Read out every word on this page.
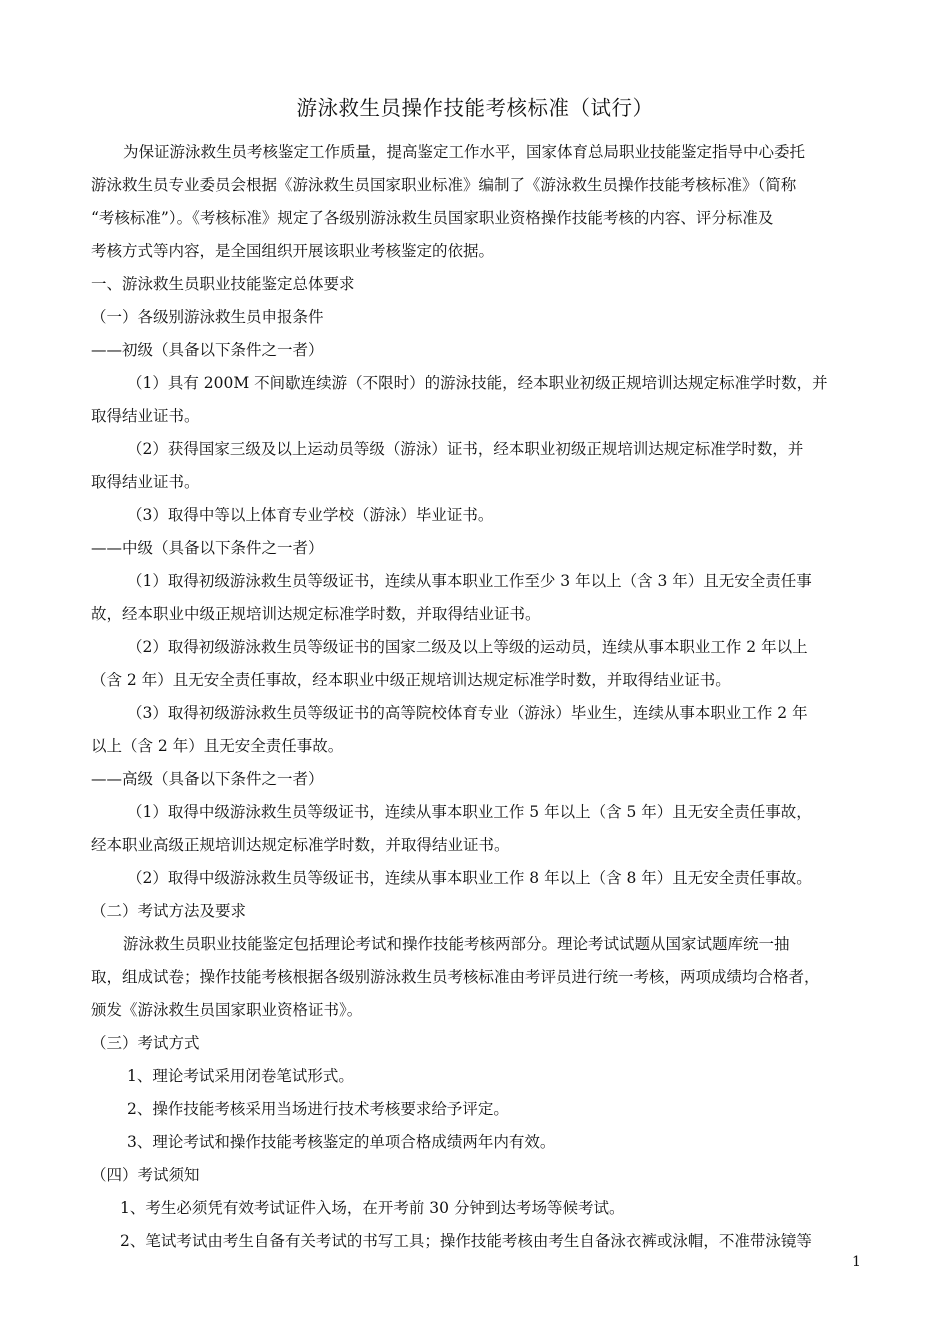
游泳救生员操作技能考核标准（试行）
为保证游泳救生员考核鉴定工作质量，提高鉴定工作水平，国家体育总局职业技能鉴定指导中心委托
游泳救生员专业委员会根据《游泳救生员国家职业标准》编制了《游泳救生员操作技能考核标准》（简称
“考核标准”）。《考核标准》规定了各级别游泳救生员国家职业资格操作技能考核的内容、评分标准及
考核方式等内容，是全国组织开展该职业考核鉴定的依据。
一、游泳救生员职业技能鉴定总体要求
（一）各级别游泳救生员申报条件
——初级（具备以下条件之一者）
（1）具有 200M 不间歇连续游（不限时）的游泳技能，经本职业初级正规培训达规定标准学时数，并
取得结业证书。
（2）获得国家三级及以上运动员等级（游泳）证书，经本职业初级正规培训达规定标准学时数，并
取得结业证书。
（3）取得中等以上体育专业学校（游泳）毕业证书。
——中级（具备以下条件之一者）
（1）取得初级游泳救生员等级证书，连续从事本职业工作至少 3 年以上（含 3 年）且无安全责任事
故，经本职业中级正规培训达规定标准学时数，并取得结业证书。
（2）取得初级游泳救生员等级证书的国家二级及以上等级的运动员，连续从事本职业工作 2 年以上
（含 2 年）且无安全责任事故，经本职业中级正规培训达规定标准学时数，并取得结业证书。
（3）取得初级游泳救生员等级证书的高等院校体育专业（游泳）毕业生，连续从事本职业工作 2 年
以上（含 2 年）且无安全责任事故。
——高级（具备以下条件之一者）
（1）取得中级游泳救生员等级证书，连续从事本职业工作 5 年以上（含 5 年）且无安全责任事故，
经本职业高级正规培训达规定标准学时数，并取得结业证书。
（2）取得中级游泳救生员等级证书，连续从事本职业工作 8 年以上（含 8 年）且无安全责任事故。
（二）考试方法及要求
游泳救生员职业技能鉴定包括理论考试和操作技能考核两部分。理论考试试题从国家试题库统一抽
取，组成试卷；操作技能考核根据各级别游泳救生员考核标准由考评员进行统一考核，两项成绩均合格者，
颁发《游泳救生员国家职业资格证书》。
（三）考试方式
1、理论考试采用闭卷笔试形式。
2、操作技能考核采用当场进行技术考核要求给予评定。
3、理论考试和操作技能考核鉴定的单项合格成绩两年内有效。
（四）考试须知
1、考生必须凭有效考试证件入场，在开考前 30 分钟到达考场等候考试。
2、笔试考试由考生自备有关考试的书写工具；操作技能考核由考生自备泳衣裤或泳帽，不准带泳镜等
1
